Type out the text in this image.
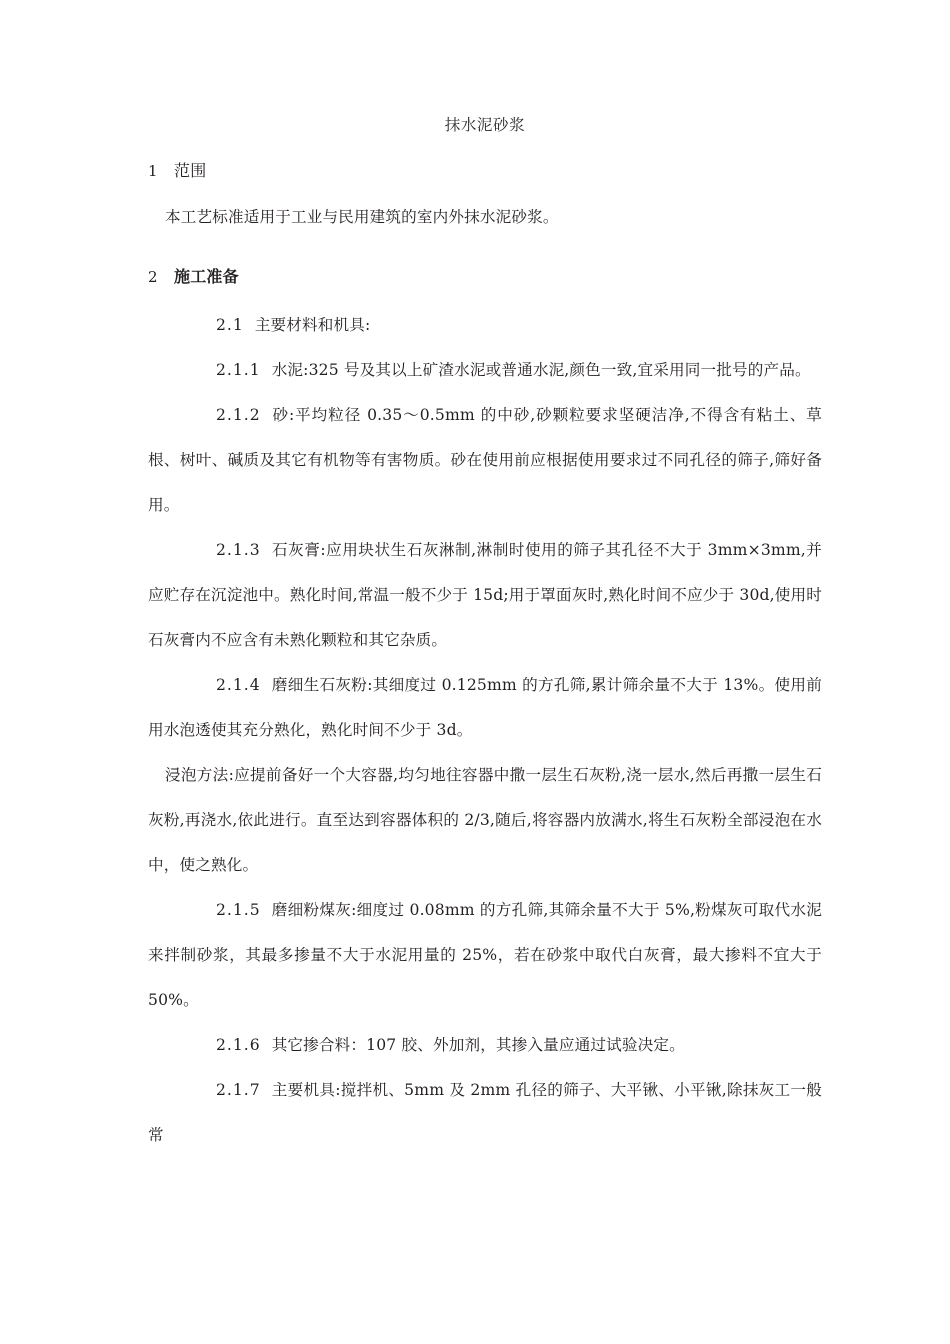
抹水泥砂浆
1 范围

本工艺标准适用于工业与民用建筑的室内外抹水泥砂浆。

2 施工准备

2.1 主要材料和机具:

2.1.1 水泥:325 号及其以上矿渣水泥或普通水泥,颜色一致,宜采用同一批号的产品。

2.1.2 砂:平均粒径 0.35～0.5mm 的中砂,砂颗粒要求坚硬洁净,不得含有粘土、草根、树叶、碱质及其它有机物等有害物质。砂在使用前应根据使用要求过不同孔径的筛子,筛好备用。

2.1.3 石灰膏:应用块状生石灰淋制,淋制时使用的筛子其孔径不大于 3mm×3mm,并应贮存在沉淀池中。熟化时间,常温一般不少于 15d;用于罩面灰时,熟化时间不应少于 30d,使用时石灰膏内不应含有未熟化颗粒和其它杂质。

2.1.4 磨细生石灰粉:其细度过 0.125mm 的方孔筛,累计筛余量不大于 13%。使用前用水泡透使其充分熟化，熟化时间不少于 3d。

浸泡方法:应提前备好一个大容器,均匀地往容器中撒一层生石灰粉,浇一层水,然后再撒一层生石灰粉,再浇水,依此进行。直至达到容器体积的 2/3,随后,将容器内放满水,将生石灰粉全部浸泡在水中，使之熟化。

2.1.5 磨细粉煤灰:细度过 0.08mm 的方孔筛,其筛余量不大于 5%,粉煤灰可取代水泥来拌制砂浆，其最多掺量不大于水泥用量的 25%，若在砂浆中取代白灰膏，最大掺料不宜大于 50%。

2.1.6 其它掺合料：107 胶、外加剂，其掺入量应通过试验决定。

2.1.7 主要机具:搅拌机、5mm 及 2mm 孔径的筛子、大平锹、小平锹,除抹灰工一般常
